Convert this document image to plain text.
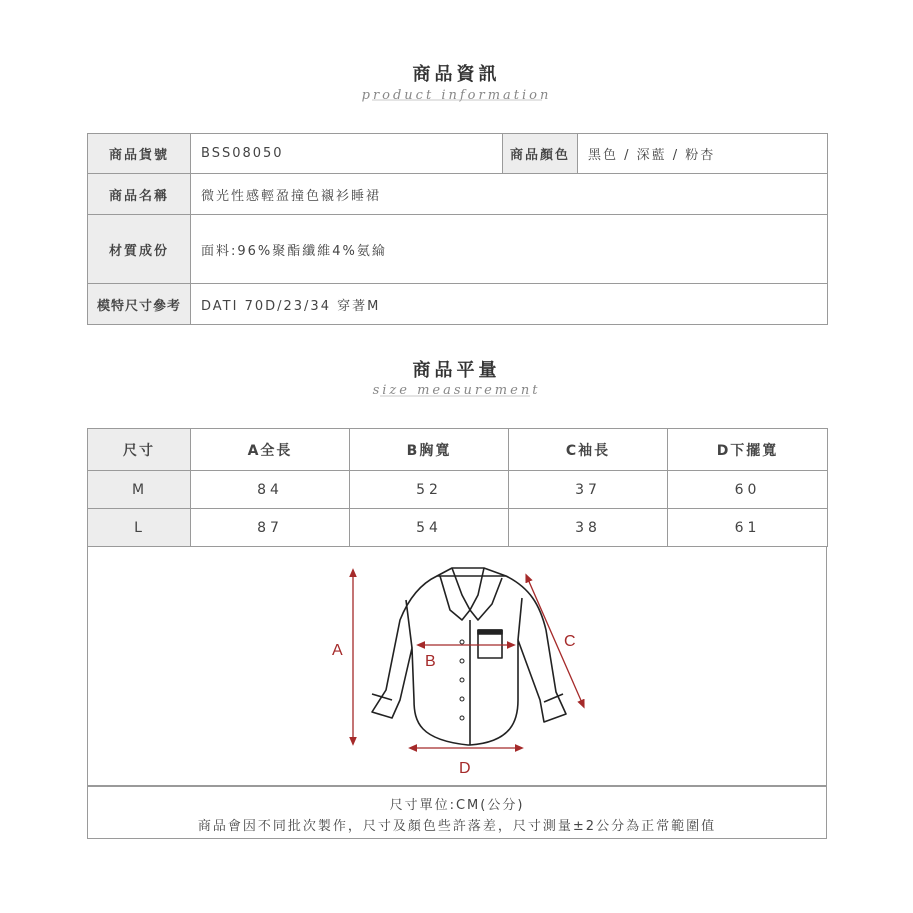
商品資訊
product information
商品貨號	BSS08050	商品顏色	黑色 / 深藍 / 粉杏
商品名稱	微光性感輕盈撞色襯衫睡裙		
材質成份	面料:96%聚酯纖維4%氨綸		
模特尺寸參考	DATI 70D/23/34 穿著M		
商品平量
size measurement
尺寸	A全長	B胸寬	C袖長	D下擺寬
M	84	52	37	60
L	87	54	38	61
A
B
C
D
尺寸單位:CM(公分)
商品會因不同批次製作，尺寸及顏色些許落差，尺寸測量±2公分為正常範圍值
